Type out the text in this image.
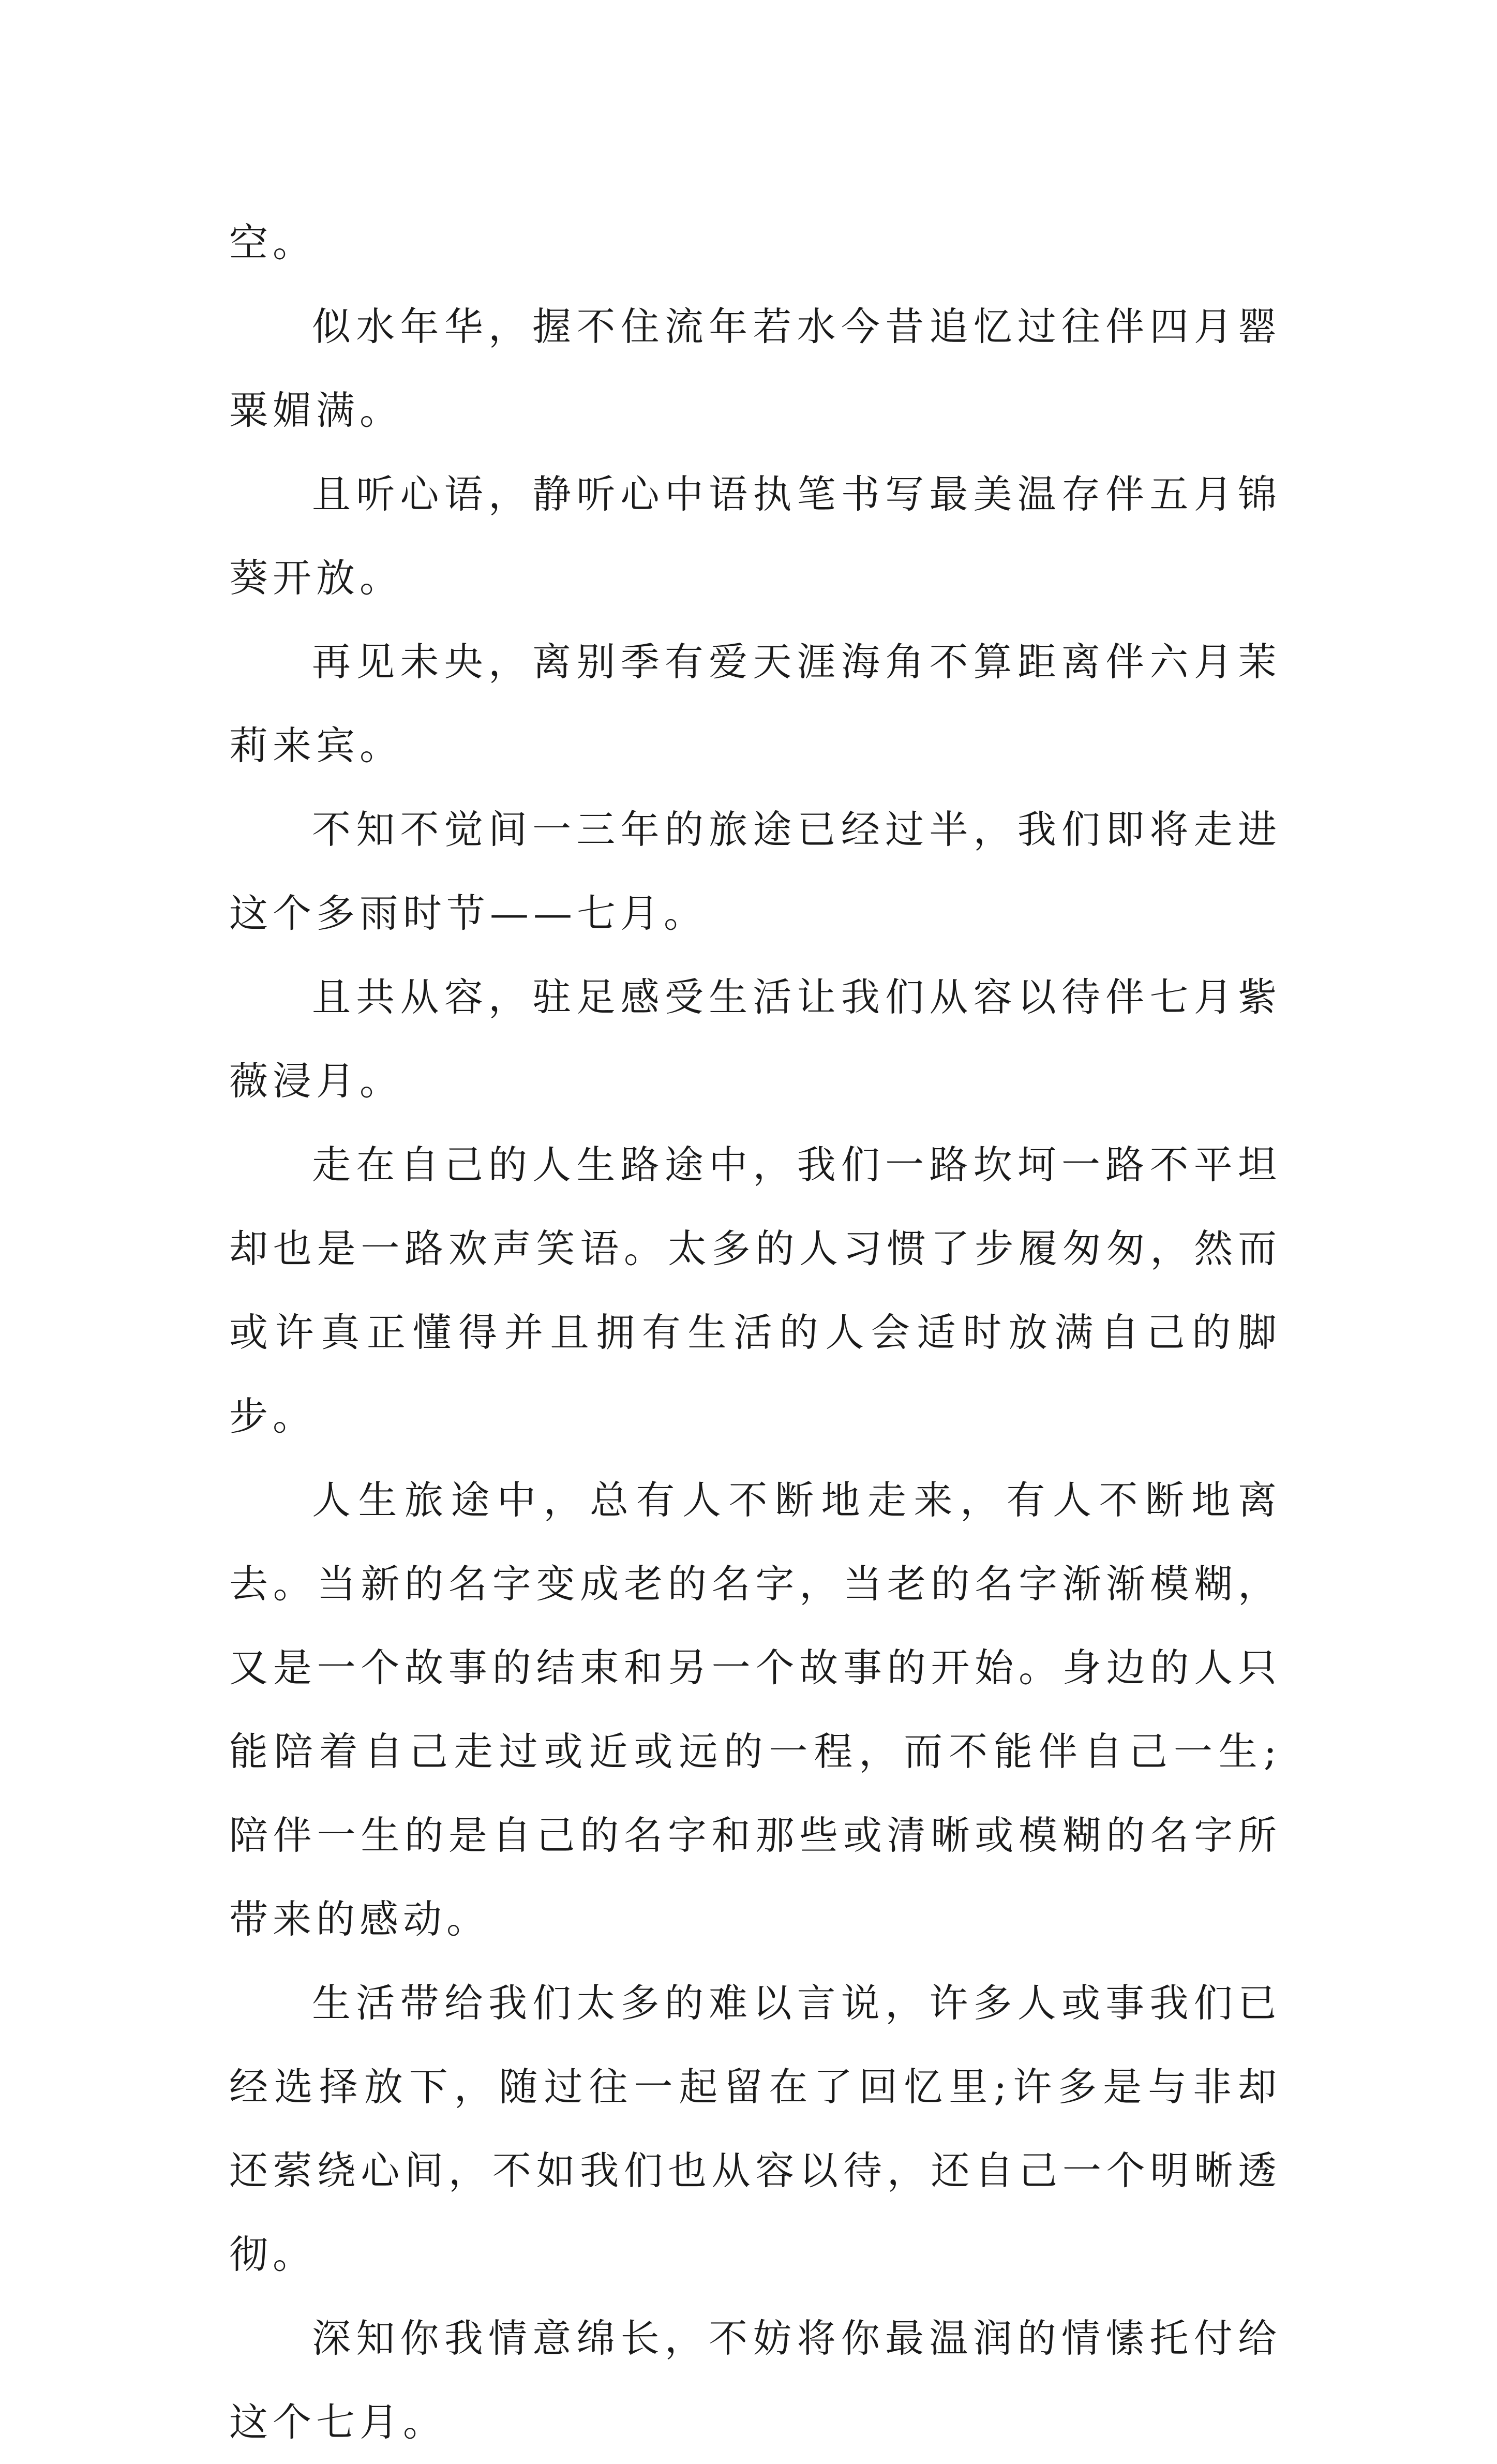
空。

似水年华，握不住流年若水今昔追忆过往伴四月罂粟媚满。

且听心语，静听心中语执笔书写最美温存伴五月锦葵开放。

再见未央，离别季有爱天涯海角不算距离伴六月茉莉来宾。

不知不觉间一三年的旅途已经过半，我们即将走进这个多雨时节——七月。

且共从容，驻足感受生活让我们从容以待伴七月紫薇浸月。

走在自己的人生路途中，我们一路坎坷一路不平坦却也是一路欢声笑语。太多的人习惯了步履匆匆，然而或许真正懂得并且拥有生活的人会适时放满自己的脚步。

人生旅途中，总有人不断地走来，有人不断地离去。当新的名字变成老的名字，当老的名字渐渐模糊，又是一个故事的结束和另一个故事的开始。身边的人只能陪着自己走过或近或远的一程，而不能伴自己一生;陪伴一生的是自己的名字和那些或清晰或模糊的名字所带来的感动。

生活带给我们太多的难以言说，许多人或事我们已经选择放下，随过往一起留在了回忆里;许多是与非却还萦绕心间，不如我们也从容以待，还自己一个明晰透彻。

深知你我情意绵长，不妨将你最温润的情愫托付给这个七月。
